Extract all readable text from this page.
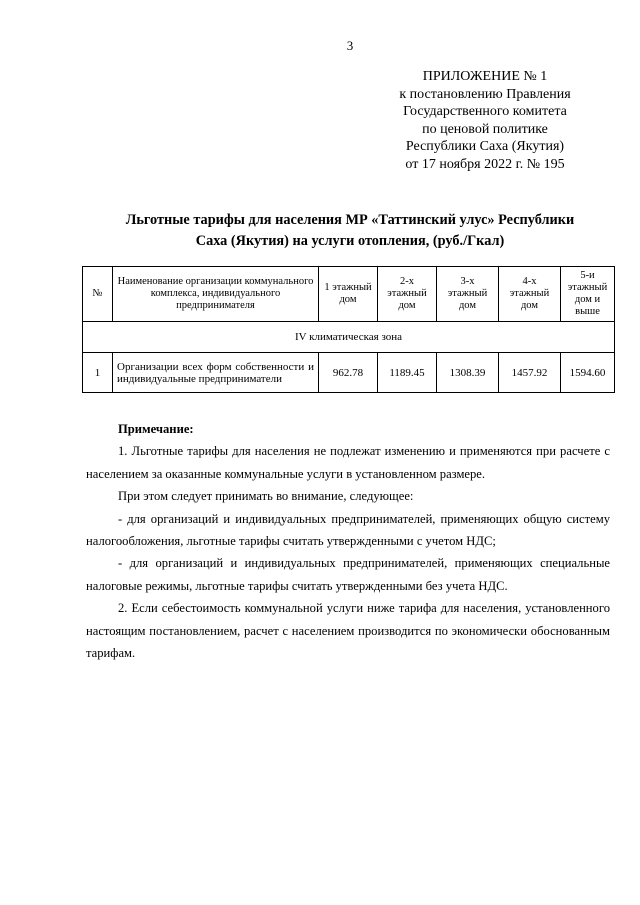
3
ПРИЛОЖЕНИЕ № 1
к постановлению Правления
Государственного комитета
по ценовой политике
Республики Саха (Якутия)
от 17 ноября 2022 г. № 195
Льготные тарифы для населения МР «Таттинский улус» Республики
Саха (Якутия) на услуги отопления, (руб./Гкал)
№	Наименование организации коммунального комплекса, индивидуального предпринимателя	1 этажный дом	2-х этажный дом	3-х этажный дом	4-х этажный дом	5-и этажный дом и выше
IV климатическая зона						
1	Организации всех форм собственности и индивидуальные предприниматели	962.78	1189.45	1308.39	1457.92	1594.60
Примечание:

1. Льготные тарифы для населения не подлежат изменению и применяются при расчете с населением за оказанные коммунальные услуги в установленном размере.

При этом следует принимать во внимание, следующее:

- для организаций и индивидуальных предпринимателей, применяющих общую систему налогообложения, льготные тарифы считать утвержденными с учетом НДС;

- для организаций и индивидуальных предпринимателей, применяющих специальные налоговые режимы, льготные тарифы считать утвержденными без учета НДС.

2. Если себестоимость коммунальной услуги ниже тарифа для населения, установленного настоящим постановлением, расчет с населением производится по экономически обоснованным тарифам.
